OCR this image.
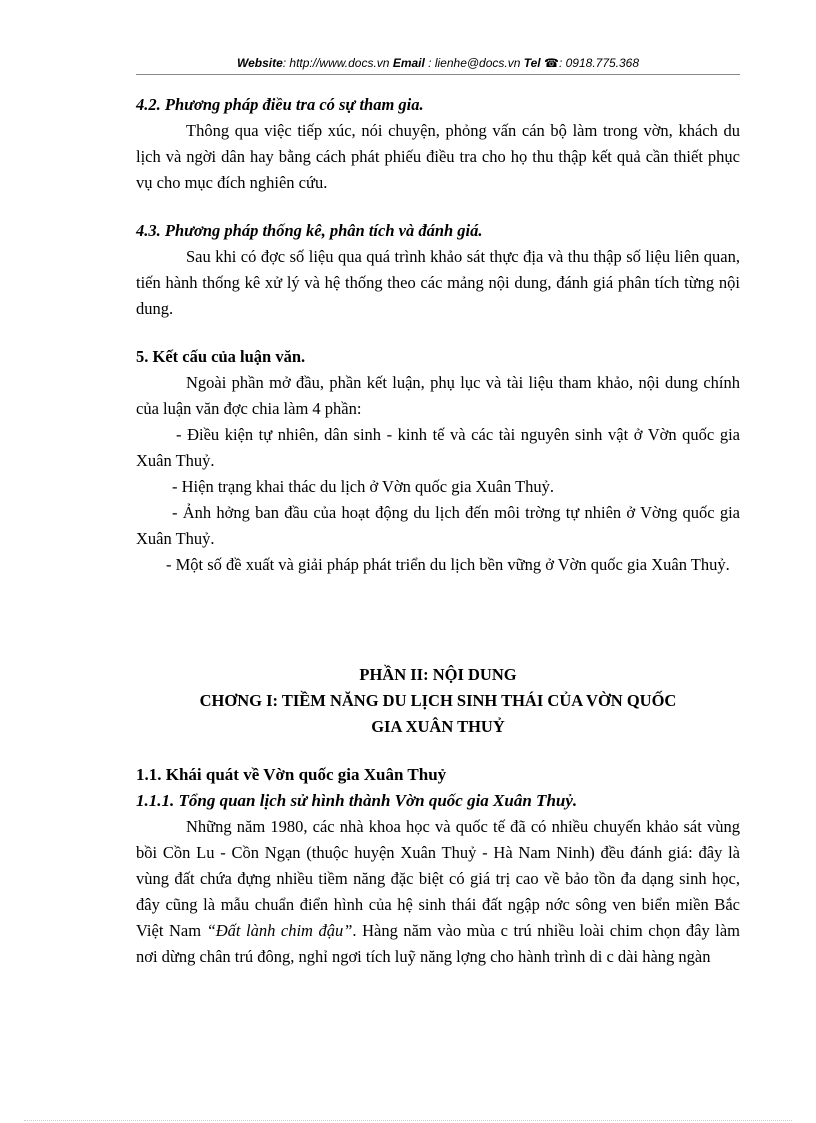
Website: http://www.docs.vn Email : lienhe@docs.vn Tel ☎: 0918.775.368

4.2. Phương pháp điều tra có sự tham gia.

Thông qua việc tiếp xúc, nói chuyện, phỏng vấn cán bộ làm trong vờn, khách du lịch và ngời dân hay bằng cách phát phiếu điều tra cho họ thu thập kết quả cần thiết phục vụ cho mục đích nghiên cứu.

4.3. Phương pháp thống kê, phân tích và đánh giá.

Sau khi có đợc số liệu qua quá trình khảo sát thực địa và thu thập số liệu liên quan, tiến hành thống kê xử lý và hệ thống theo các mảng nội dung, đánh giá phân tích từng nội dung.

5. Kết cấu của luận văn.

Ngoài phần mở đầu, phần kết luận, phụ lục và tài liệu tham khảo, nội dung chính của luận văn đợc chia làm 4 phần:

- Điều kiện tự nhiên, dân sinh - kinh tế và các tài nguyên sinh vật ở Vờn quốc gia Xuân Thuỷ.

- Hiện trạng khai thác du lịch ở Vờn quốc gia Xuân Thuỷ.

- Ảnh hởng ban đầu của hoạt động du lịch đến môi trờng tự nhiên ở Vờng quốc gia Xuân Thuỷ.

- Một số đề xuất và giải pháp phát triển du lịch bền vững ở Vờn quốc gia Xuân Thuỷ.

PHẦN II: NỘI DUNG

CHƠNG I: TIỀM NĂNG DU LỊCH SINH THÁI CỦA VỜN QUỐC

GIA XUÂN THUỶ

1.1. Khái quát về Vờn quốc gia Xuân Thuỷ

1.1.1. Tổng quan lịch sử hình thành Vờn quốc gia Xuân Thuỷ.

Những năm 1980, các nhà khoa học và quốc tế đã có nhiều chuyến khảo sát vùng bồi Cồn Lu - Cồn Ngạn (thuộc huyện Xuân Thuỷ - Hà Nam Ninh) đều đánh giá: đây là vùng đất chứa đựng nhiều tiềm năng đặc biệt có giá trị cao về bảo tồn đa dạng sinh học, đây cũng là mẫu chuẩn điển hình của hệ sinh thái đất ngập nớc sông ven biển miền Bắc Việt Nam “Đất lành chim đậu”. Hàng năm vào mùa c trú nhiều loài chim chọn đây làm nơi dừng chân trú đông, nghỉ ngơi tích luỹ năng lợng cho hành trình di c dài hàng ngàn
